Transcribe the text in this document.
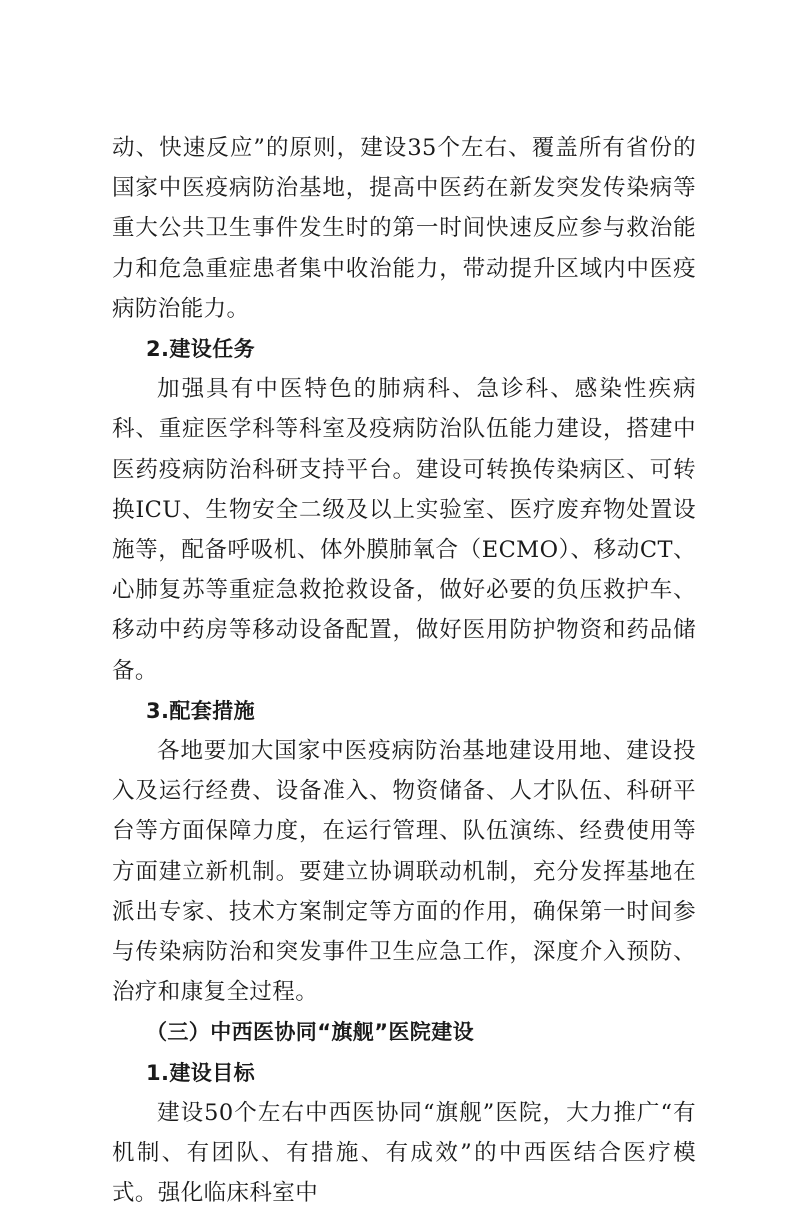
动、快速反应”的原则，建设35个左右、覆盖所有省份的国家中医疫病防治基地，提高中医药在新发突发传染病等重大公共卫生事件发生时的第一时间快速反应参与救治能力和危急重症患者集中收治能力，带动提升区域内中医疫病防治能力。

2.建设任务

加强具有中医特色的肺病科、急诊科、感染性疾病科、重症医学科等科室及疫病防治队伍能力建设，搭建中医药疫病防治科研支持平台。建设可转换传染病区、可转换ICU、生物安全二级及以上实验室、医疗废弃物处置设施等，配备呼吸机、体外膜肺氧合（ECMO）、移动CT、心肺复苏等重症急救抢救设备，做好必要的负压救护车、移动中药房等移动设备配置，做好医用防护物资和药品储备。

3.配套措施

各地要加大国家中医疫病防治基地建设用地、建设投入及运行经费、设备准入、物资储备、人才队伍、科研平台等方面保障力度，在运行管理、队伍演练、经费使用等方面建立新机制。要建立协调联动机制，充分发挥基地在派出专家、技术方案制定等方面的作用，确保第一时间参与传染病防治和突发事件卫生应急工作，深度介入预防、治疗和康复全过程。

（三）中西医协同“旗舰”医院建设

1.建设目标

建设50个左右中西医协同“旗舰”医院，大力推广“有机制、有团队、有措施、有成效”的中西医结合医疗模式。强化临床科室中
